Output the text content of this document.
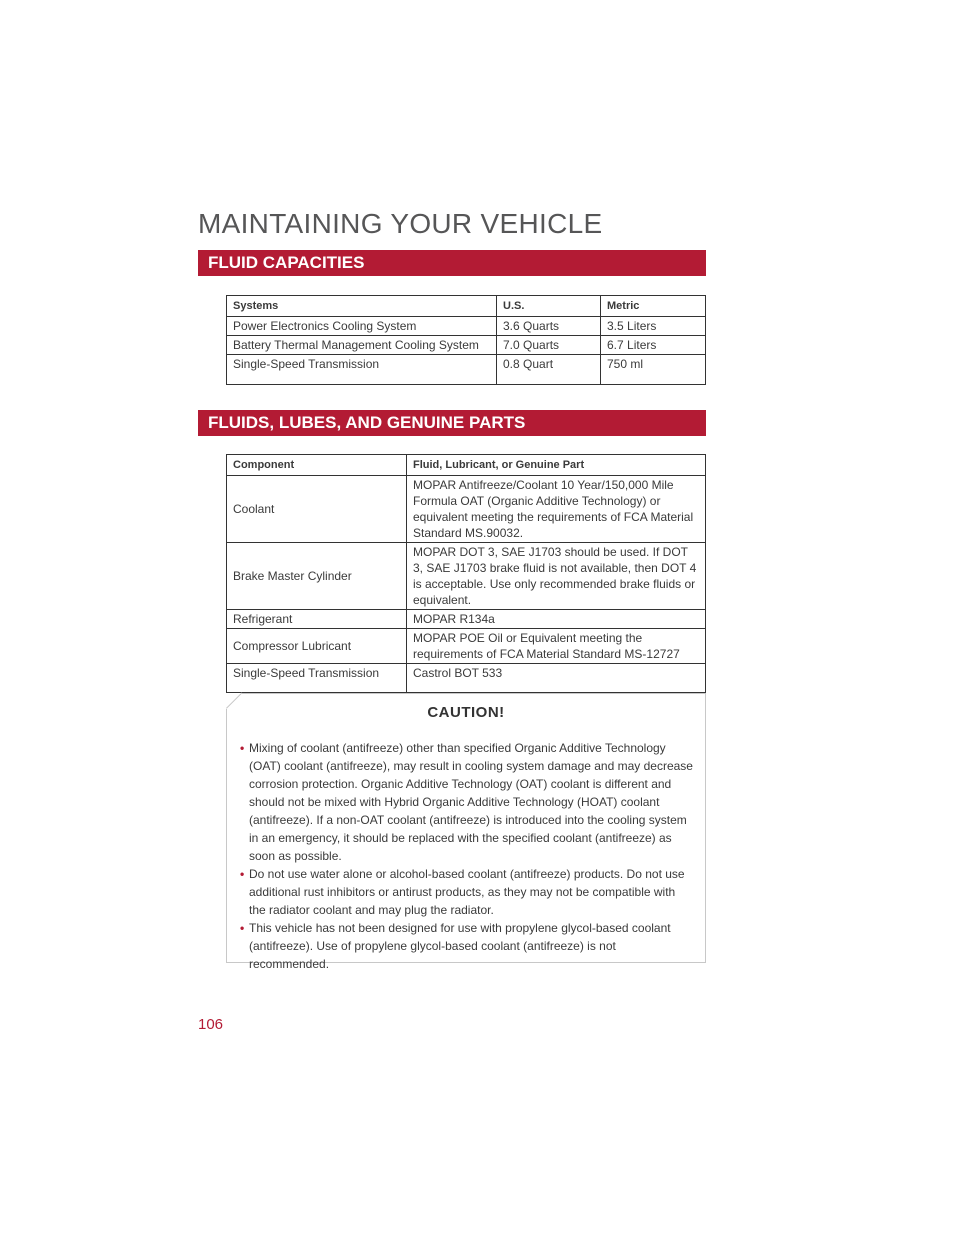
MAINTAINING YOUR VEHICLE
FLUID CAPACITIES
Systems	U.S.	Metric
Power Electronics Cooling System	3.6 Quarts	3.5 Liters
Battery Thermal Management Cooling System	7.0 Quarts	6.7 Liters
Single-Speed Transmission	0.8 Quart	750 ml
FLUIDS, LUBES, AND GENUINE PARTS
Component	Fluid, Lubricant, or Genuine Part
Coolant	MOPAR Antifreeze/Coolant 10 Year/150,000 Mile Formula OAT (Organic Additive Technology) or equivalent meeting the requirements of FCA Material Standard MS.90032.
Brake Master Cylinder	MOPAR DOT 3, SAE J1703 should be used. If DOT 3, SAE J1703 brake fluid is not available, then DOT 4 is acceptable. Use only recommended brake fluids or equivalent.
Refrigerant	MOPAR R134a
Compressor Lubricant	MOPAR POE Oil or Equivalent meeting the requirements of FCA Material Standard MS-12727
Single-Speed Transmission	Castrol BOT 533
CAUTION!
• Mixing of coolant (antifreeze) other than specified Organic Additive Technology (OAT) coolant (antifreeze), may result in cooling system damage and may decrease corrosion protection. Organic Additive Technology (OAT) coolant is different and should not be mixed with Hybrid Organic Additive Technology (HOAT) coolant (antifreeze). If a non-OAT coolant (antifreeze) is introduced into the cooling system in an emergency, it should be replaced with the specified coolant (antifreeze) as soon as possible.
• Do not use water alone or alcohol-based coolant (antifreeze) products. Do not use additional rust inhibitors or antirust products, as they may not be compatible with the radiator coolant and may plug the radiator.
• This vehicle has not been designed for use with propylene glycol-based coolant (antifreeze). Use of propylene glycol-based coolant (antifreeze) is not recommended.
106
